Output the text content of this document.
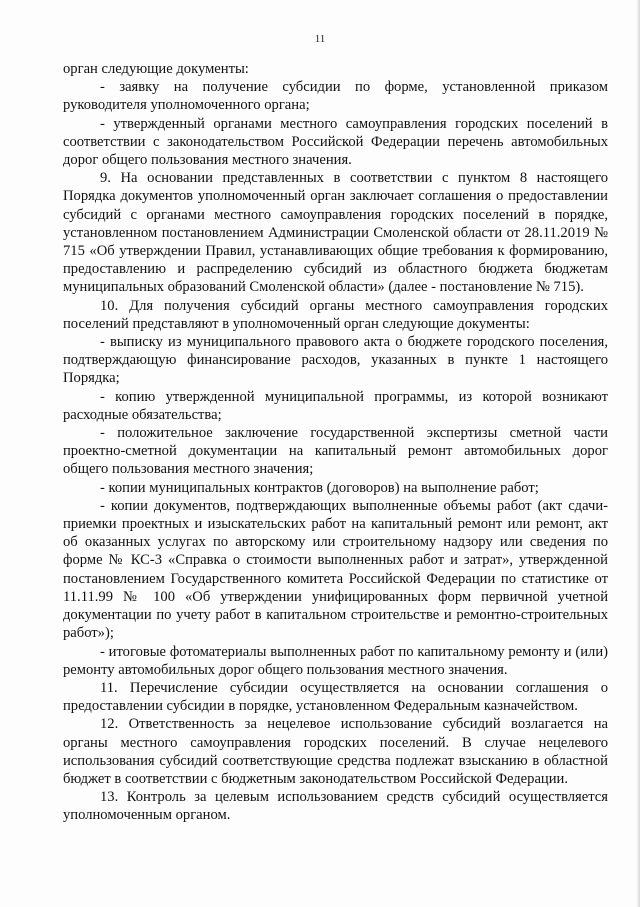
11

орган следующие документы:

- заявку на получение субсидии по форме, установленной приказом руководителя уполномоченного органа;

- утвержденный органами местного самоуправления городских поселений в соответствии с законодательством Российской Федерации перечень автомобильных дорог общего пользования местного значения.

9. На основании представленных в соответствии с пунктом 8 настоящего Порядка документов уполномоченный орган заключает соглашения о предоставлении субсидий с органами местного самоуправления городских поселений в порядке, установленном постановлением Администрации Смоленской области от 28.11.2019 № 715 «Об утверждении Правил, устанавливающих общие требования к формированию, предоставлению и распределению субсидий из областного бюджета бюджетам муниципальных образований Смоленской области» (далее - постановление № 715).

10. Для получения субсидий органы местного самоуправления городских поселений представляют в уполномоченный орган следующие документы:

- выписку из муниципального правового акта о бюджете городского поселения, подтверждающую финансирование расходов, указанных в пункте 1 настоящего Порядка;

- копию утвержденной муниципальной программы, из которой возникают расходные обязательства;

- положительное заключение государственной экспертизы сметной части проектно-сметной документации на капитальный ремонт автомобильных дорог общего пользования местного значения;

- копии муниципальных контрактов (договоров) на выполнение работ;

- копии документов, подтверждающих выполненные объемы работ (акт сдачи-приемки проектных и изыскательских работ на капитальный ремонт или ремонт, акт об оказанных услугах по авторскому или строительному надзору или сведения по форме № КС-3 «Справка о стоимости выполненных работ и затрат», утвержденной постановлением Государственного комитета Российской Федерации по статистике от 11.11.99 № 100 «Об утверждении унифицированных форм первичной учетной документации по учету работ в капитальном строительстве и ремонтно-строительных работ»);

- итоговые фотоматериалы выполненных работ по капитальному ремонту и (или) ремонту автомобильных дорог общего пользования местного значения.

11. Перечисление субсидии осуществляется на основании соглашения о предоставлении субсидии в порядке, установленном Федеральным казначейством.

12. Ответственность за нецелевое использование субсидий возлагается на органы местного самоуправления городских поселений. В случае нецелевого использования субсидий соответствующие средства подлежат взысканию в областной бюджет в соответствии с бюджетным законодательством Российской Федерации.

13. Контроль за целевым использованием средств субсидий осуществляется уполномоченным органом.
